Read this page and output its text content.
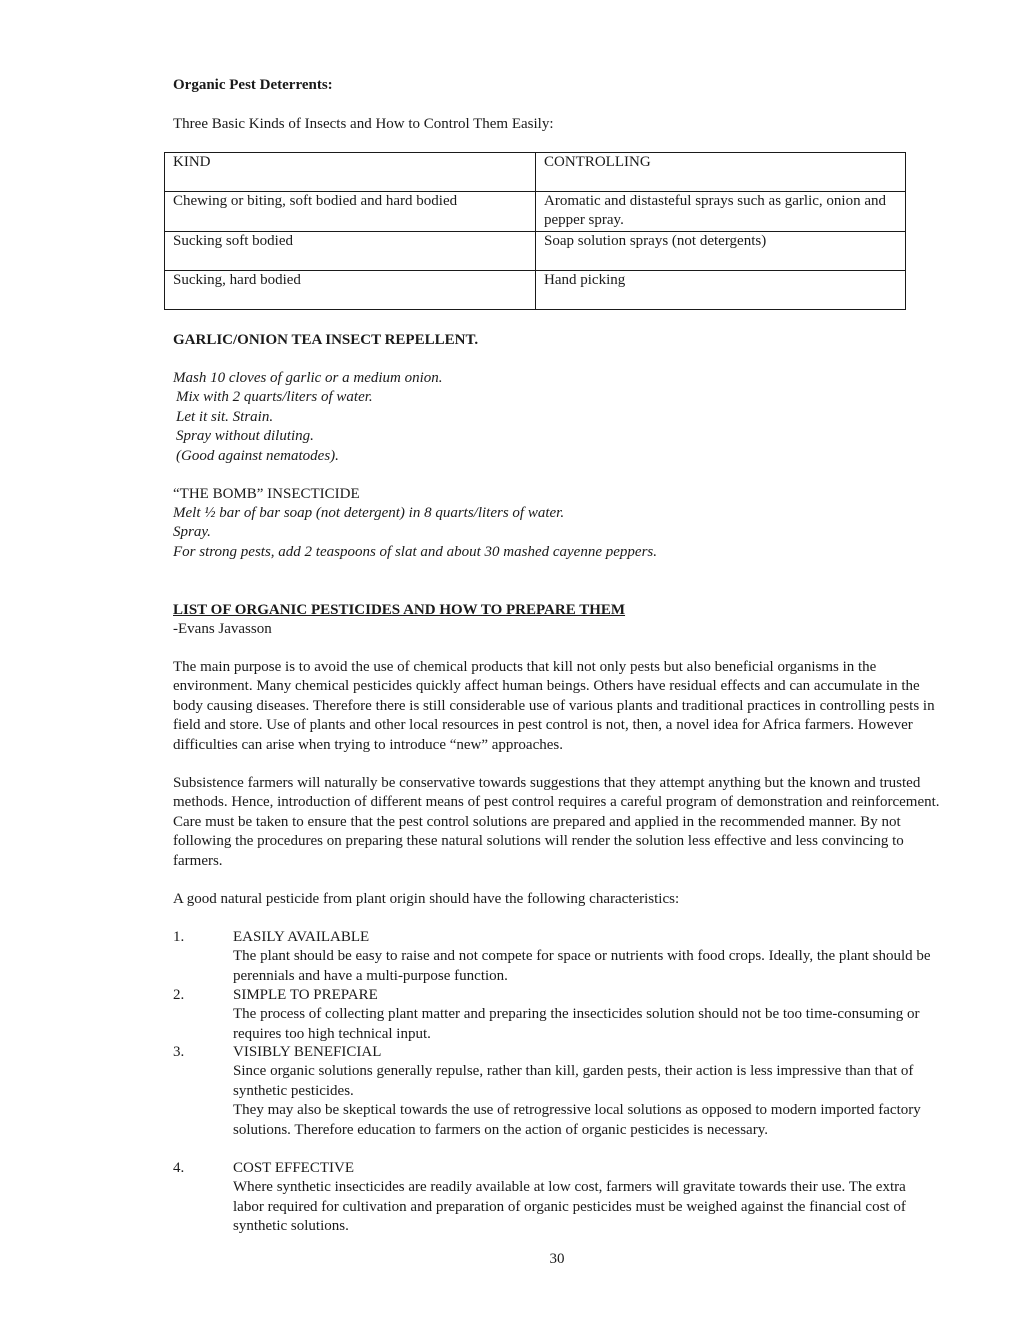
Organic Pest Deterrents:
Three Basic Kinds of Insects and How to Control Them Easily:
KIND	CONTROLLING
Chewing or biting, soft bodied and hard bodied	Aromatic and distasteful sprays such as garlic, onion and pepper spray.
Sucking soft bodied	Soap solution sprays (not detergents)
Sucking, hard bodied	Hand picking
GARLIC/ONION TEA INSECT REPELLENT.
Mash 10 cloves of garlic or a medium onion.
Mix with 2 quarts/liters of water.
Let it sit. Strain.
Spray without diluting.
(Good against nematodes).
“THE BOMB” INSECTICIDE
Melt ½ bar of bar soap (not detergent) in 8 quarts/liters of water.
Spray.
For strong pests, add 2 teaspoons of slat and about 30 mashed cayenne peppers.
LIST OF ORGANIC PESTICIDES AND HOW TO PREPARE THEM
-Evans Javasson

The main purpose is to avoid the use of chemical products that kill not only pests but also beneficial organisms in the environment. Many chemical pesticides quickly affect human beings. Others have residual effects and can accumulate in the body causing diseases. Therefore there is still considerable use of various plants and traditional practices in controlling pests in field and store. Use of plants and other local resources in pest control is not, then, a novel idea for Africa farmers. However difficulties can arise when trying to introduce “new” approaches.

Subsistence farmers will naturally be conservative towards suggestions that they attempt anything but the known and trusted methods. Hence, introduction of different means of pest control requires a careful program of demonstration and reinforcement. Care must be taken to ensure that the pest control solutions are prepared and applied in the recommended manner. By not following the procedures on preparing these natural solutions will render the solution less effective and less convincing to farmers.

A good natural pesticide from plant origin should have the following characteristics:

1.	EASILY AVAILABLE
The plant should be easy to raise and not compete for space or nutrients with food crops. Ideally, the plant should be perennials and have a multi-purpose function.
2.	SIMPLE TO PREPARE
The process of collecting plant matter and preparing the insecticides solution should not be too time-consuming or requires too high technical input.
3.	VISIBLY BENEFICIAL
Since organic solutions generally repulse, rather than kill, garden pests, their action is less impressive than that of synthetic pesticides.
They may also be skeptical towards the use of retrogressive local solutions as opposed to modern imported factory solutions. Therefore education to farmers on the action of organic pesticides is necessary.
4.	COST EFFECTIVE
Where synthetic insecticides are readily available at low cost, farmers will gravitate towards their use. The extra labor required for cultivation and preparation of organic pesticides must be weighed against the financial cost of synthetic solutions.
30
